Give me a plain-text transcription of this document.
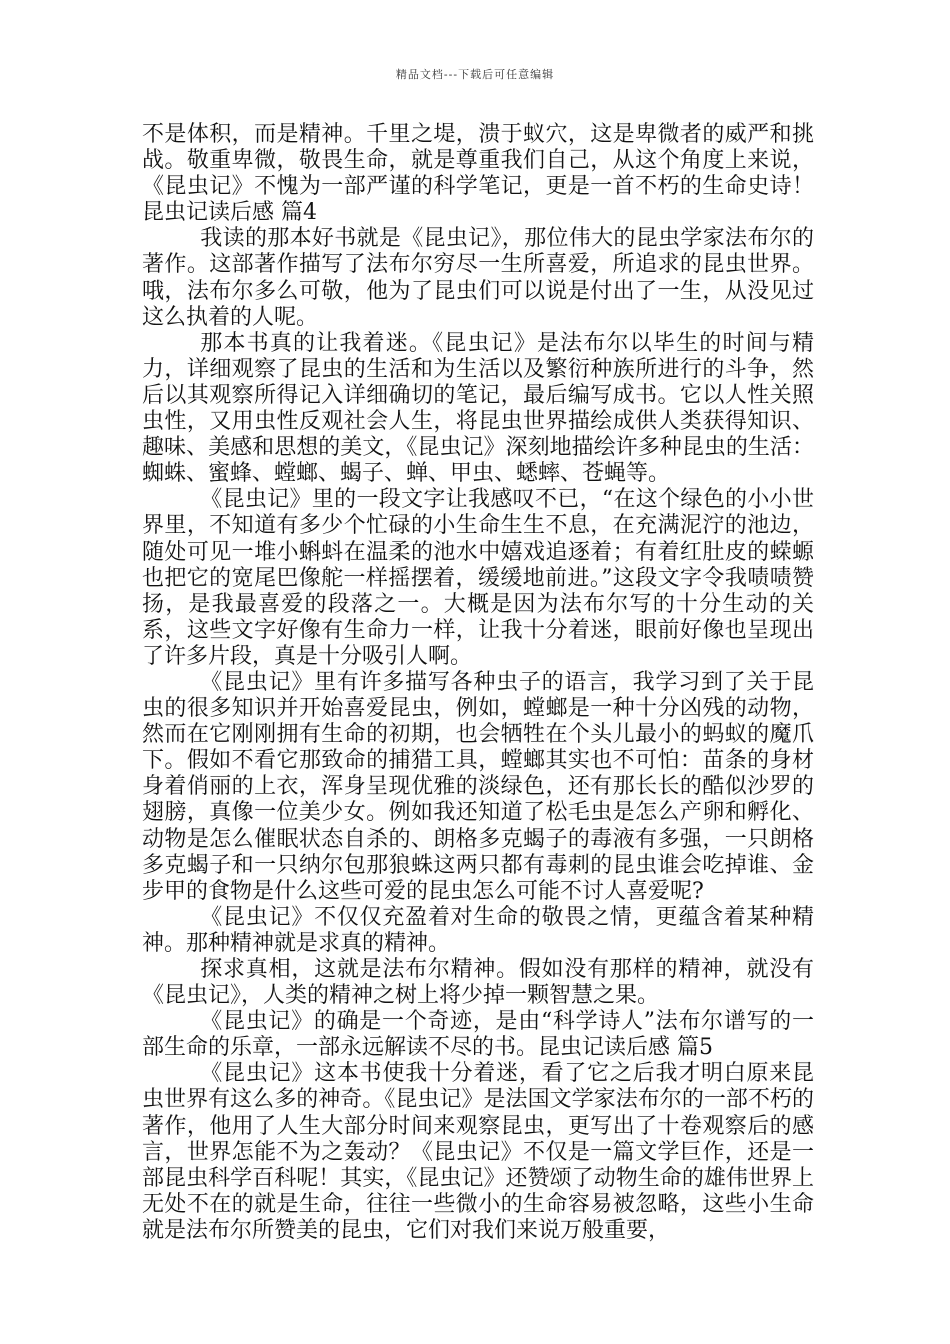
精品文档---下载后可任意编辑

不是体积，而是精神。千里之堤，溃于蚁穴，这是卑微者的威严和挑战。敬重卑微，敬畏生命，就是尊重我们自己，从这个角度上来说，《昆虫记》不愧为一部严谨的科学笔记，更是一首不朽的生命史诗！昆虫记读后感 篇4

我读的那本好书就是《昆虫记》，那位伟大的昆虫学家法布尔的著作。这部著作描写了法布尔穷尽一生所喜爱，所追求的昆虫世界。哦，法布尔多么可敬，他为了昆虫们可以说是付出了一生，从没见过这么执着的人呢。

那本书真的让我着迷。《昆虫记》是法布尔以毕生的时间与精力，详细观察了昆虫的生活和为生活以及繁衍种族所进行的斗争，然后以其观察所得记入详细确切的笔记，最后编写成书。它以人性关照虫性，又用虫性反观社会人生，将昆虫世界描绘成供人类获得知识、趣味、美感和思想的美文，《昆虫记》深刻地描绘许多种昆虫的生活：蜘蛛、蜜蜂、螳螂、蝎子、蝉、甲虫、蟋蟀、苍蝇等。

《昆虫记》里的一段文字让我感叹不已，“在这个绿色的小小世界里，不知道有多少个忙碌的小生命生生不息，在充满泥泞的池边，随处可见一堆小蝌蚪在温柔的池水中嬉戏追逐着；有着红肚皮的蝾螈也把它的宽尾巴像舵一样摇摆着，缓缓地前进。”这段文字令我啧啧赞扬，是我最喜爱的段落之一。大概是因为法布尔写的十分生动的关系，这些文字好像有生命力一样，让我十分着迷，眼前好像也呈现出了许多片段，真是十分吸引人啊。

《昆虫记》里有许多描写各种虫子的语言，我学习到了关于昆虫的很多知识并开始喜爱昆虫，例如，螳螂是一种十分凶残的动物，然而在它刚刚拥有生命的初期，也会牺牲在个头儿最小的蚂蚁的魔爪下。假如不看它那致命的捕猎工具，螳螂其实也不可怕：苗条的身材身着俏丽的上衣，浑身呈现优雅的淡绿色，还有那长长的酷似沙罗的翅膀，真像一位美少女。例如我还知道了松毛虫是怎么产卵和孵化、动物是怎么催眠状态自杀的、朗格多克蝎子的毒液有多强，一只朗格多克蝎子和一只纳尔包那狼蛛这两只都有毒刺的昆虫谁会吃掉谁、金步甲的食物是什么这些可爱的昆虫怎么可能不讨人喜爱呢?

《昆虫记》不仅仅充盈着对生命的敬畏之情，更蕴含着某种精神。那种精神就是求真的精神。

探求真相，这就是法布尔精神。假如没有那样的精神，就没有《昆虫记》，人类的精神之树上将少掉一颗智慧之果。

《昆虫记》的确是一个奇迹，是由“科学诗人”法布尔谱写的一部生命的乐章，一部永远解读不尽的书。昆虫记读后感 篇5

《昆虫记》这本书使我十分着迷，看了它之后我才明白原来昆虫世界有这么多的神奇。《昆虫记》是法国文学家法布尔的一部不朽的著作，他用了人生大部分时间来观察昆虫，更写出了十卷观察后的感言，世界怎能不为之轰动？《昆虫记》不仅是一篇文学巨作，还是一部昆虫科学百科呢！其实，《昆虫记》还赞颂了动物生命的雄伟世界上无处不在的就是生命，往往一些微小的生命容易被忽略，这些小生命就是法布尔所赞美的昆虫，它们对我们来说万般重要，
